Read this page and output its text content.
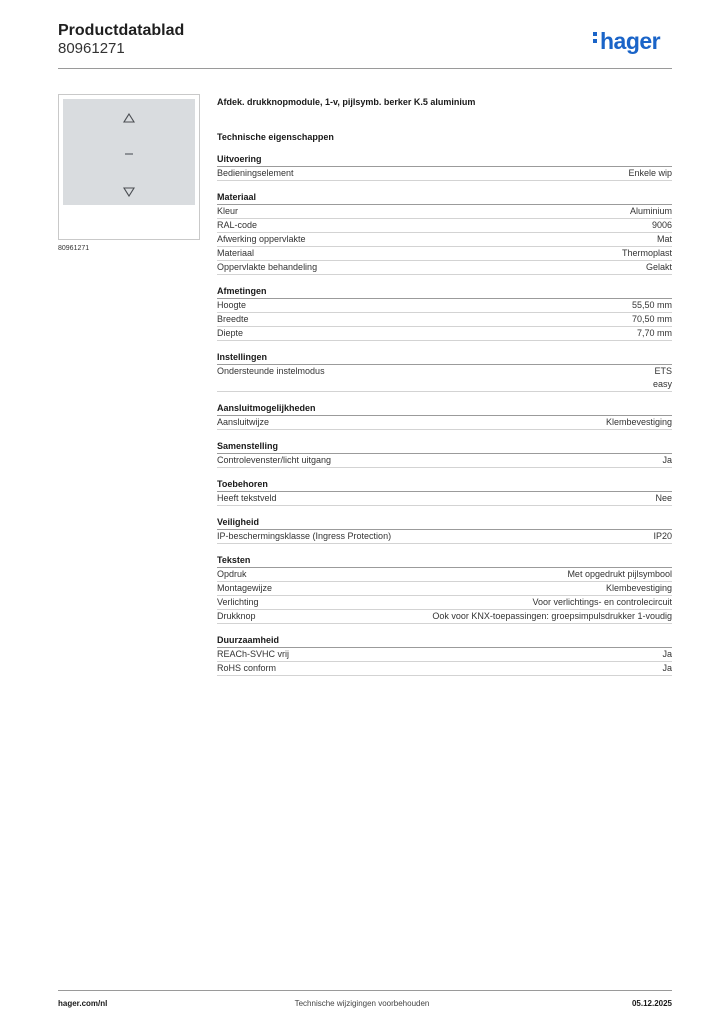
Productdatablad
80961271	hager
80961271
Afdek. drukknopmodule, 1-v, pijlsymb. berker K.5 aluminium
Technische eigenschappen
Uitvoering
Bedieningselement	Enkele wip
Materiaal
Kleur	Aluminium
RAL-code	9006
Afwerking oppervlakte	Mat
Materiaal	Thermoplast
Oppervlakte behandeling	Gelakt
Afmetingen
Hoogte	55,50 mm
Breedte	70,50 mm
Diepte	7,70 mm
Instellingen
Ondersteunde instelmodus	ETS
easy
Aansluitmogelijkheden
Aansluitwijze	Klembevestiging
Samenstelling
Controlevenster/licht uitgang	Ja
Toebehoren
Heeft tekstveld	Nee
Veiligheid
IP-beschermingsklasse (Ingress Protection)	IP20
Teksten
Opdruk	Met opgedrukt pijlsymbool
Montagewijze	Klembevestiging
Verlichting	Voor verlichtings- en controlecircuit
Drukknop	Ook voor KNX-toepassingen: groepsimpulsdrukker 1-voudig
Duurzaamheid
REACh-SVHC vrij	Ja
RoHS conform	Ja
hager.com/nl	Technische wijzigingen voorbehouden	05.12.2025
